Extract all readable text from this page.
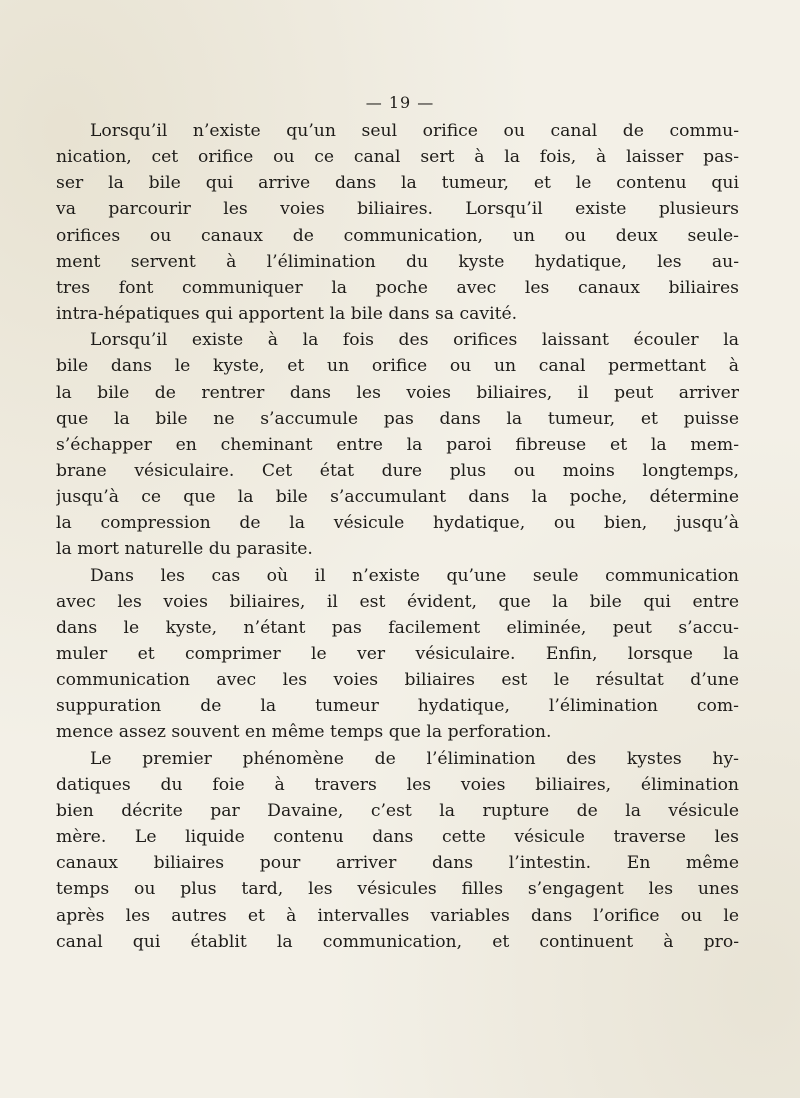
— 19 —
Lorsqu’il n’existe qu’un seul orifice ou canal de commu-
nication, cet orifice ou ce canal sert à la fois, à laisser pas-
ser la bile qui arrive dans la tumeur, et le contenu qui
va parcourir les voies biliaires. Lorsqu’il existe plusieurs
orifices ou canaux de communication, un ou deux seule-
ment servent à l’élimination du kyste hydatique, les au-
tres font communiquer la poche avec les canaux biliaires
intra-hépatiques qui apportent la bile dans sa cavité.
Lorsqu’il existe à la fois des orifices laissant écouler la
bile dans le kyste, et un orifice ou un canal permettant à
la bile de rentrer dans les voies biliaires, il peut arriver
que la bile ne s’accumule pas dans la tumeur, et puisse
s’échapper en cheminant entre la paroi fibreuse et la mem-
brane vésiculaire. Cet état dure plus ou moins longtemps,
jusqu’à ce que la bile s’accumulant dans la poche, détermine
la compression de la vésicule hydatique, ou bien, jusqu’à
la mort naturelle du parasite.
Dans les cas où il n’existe qu’une seule communication
avec les voies biliaires, il est évident, que la bile qui entre
dans le kyste, n’étant pas facilement eliminée, peut s’accu-
muler et comprimer le ver vésiculaire. Enfin, lorsque la
communication avec les voies biliaires est le résultat d’une
suppuration de la tumeur hydatique, l’élimination com-
mence assez souvent en même temps que la perforation.
Le premier phénomène de l’élimination des kystes hy-
datiques du foie à travers les voies biliaires, élimination
bien décrite par Davaine, c’est la rupture de la vésicule
mère. Le liquide contenu dans cette vésicule traverse les
canaux biliaires pour arriver dans l’intestin. En même
temps ou plus tard, les vésicules filles s’engagent les unes
après les autres et à intervalles variables dans l’orifice ou le
canal qui établit la communication, et continuent à pro-
